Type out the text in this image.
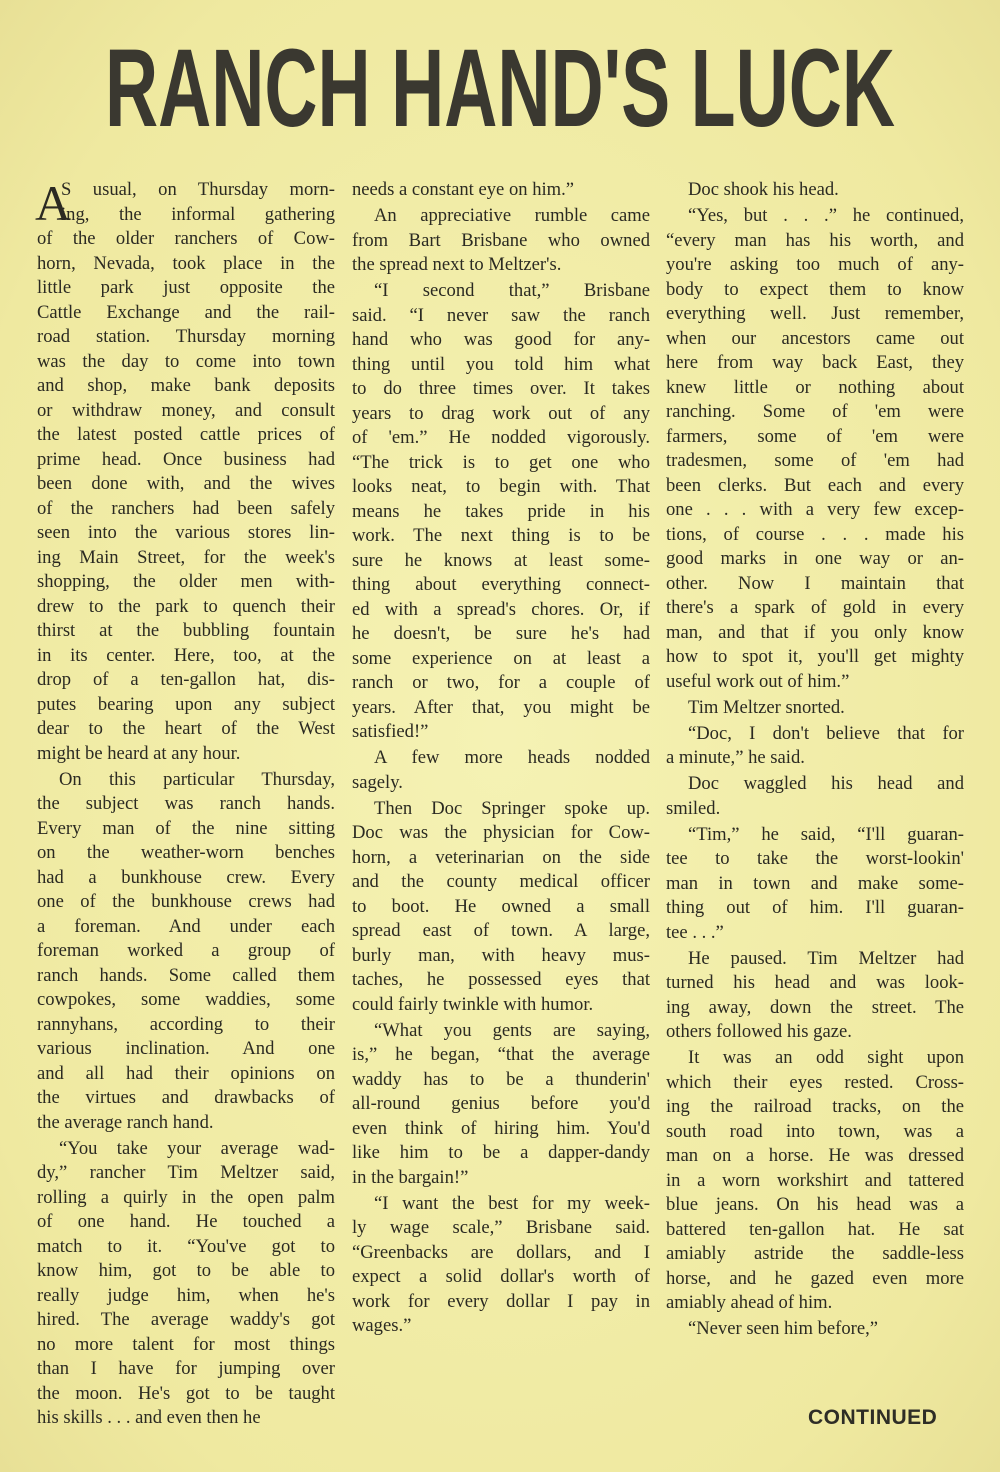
RANCH HAND'S LUCK
S usual, on Thursday morn-
ing, the informal gathering
of the older ranchers of Cow-
horn, Nevada, took place in the
little park just opposite the
Cattle Exchange and the rail-
road station. Thursday morning
was the day to come into town
and shop, make bank deposits
or withdraw money, and consult
the latest posted cattle prices of
prime head. Once business had
been done with, and the wives
of the ranchers had been safely
seen into the various stores lin-
ing Main Street, for the week's
shopping, the older men with-
drew to the park to quench their
thirst at the bubbling fountain
in its center. Here, too, at the
drop of a ten-gallon hat, dis-
putes bearing upon any subject
dear to the heart of the West
might be heard at any hour.
On this particular Thursday,
the subject was ranch hands.
Every man of the nine sitting
on the weather-worn benches
had a bunkhouse crew. Every
one of the bunkhouse crews had
a foreman. And under each
foreman worked a group of
ranch hands. Some called them
cowpokes, some waddies, some
rannyhans, according to their
various inclination. And one
and all had their opinions on
the virtues and drawbacks of
the average ranch hand.
“You take your average wad-
dy,” rancher Tim Meltzer said,
rolling a quirly in the open palm
of one hand. He touched a
match to it. “You've got to
know him, got to be able to
really judge him, when he's
hired. The average waddy's got
no more talent for most things
than I have for jumping over
the moon. He's got to be taught
his skills . . . and even then he
A	needs a constant eye on him.”
An appreciative rumble came
from Bart Brisbane who owned
the spread next to Meltzer's.
“I second that,” Brisbane
said. “I never saw the ranch
hand who was good for any-
thing until you told him what
to do three times over. It takes
years to drag work out of any
of 'em.” He nodded vigorously.
“The trick is to get one who
looks neat, to begin with. That
means he takes pride in his
work. The next thing is to be
sure he knows at least some-
thing about everything connect-
ed with a spread's chores. Or, if
he doesn't, be sure he's had
some experience on at least a
ranch or two, for a couple of
years. After that, you might be
satisfied!”
A few more heads nodded
sagely.
Then Doc Springer spoke up.
Doc was the physician for Cow-
horn, a veterinarian on the side
and the county medical officer
to boot. He owned a small
spread east of town. A large,
burly man, with heavy mus-
taches, he possessed eyes that
could fairly twinkle with humor.
“What you gents are saying,
is,” he began, “that the average
waddy has to be a thunderin'
all-round genius before you'd
even think of hiring him. You'd
like him to be a dapper-dandy
in the bargain!”
“I want the best for my week-
ly wage scale,” Brisbane said.
“Greenbacks are dollars, and I
expect a solid dollar's worth of
work for every dollar I pay in
wages.”
Doc shook his head.
“Yes, but . . .” he continued,
“every man has his worth, and
you're asking too much of any-
body to expect them to know
everything well. Just remember,
when our ancestors came out
here from way back East, they
knew little or nothing about
ranching. Some of 'em were
farmers, some of 'em were
tradesmen, some of 'em had
been clerks. But each and every
one . . . with a very few excep-
tions, of course . . . made his
good marks in one way or an-
other. Now I maintain that
there's a spark of gold in every
man, and that if you only know
how to spot it, you'll get mighty
useful work out of him.”
Tim Meltzer snorted.
“Doc, I don't believe that for
a minute,” he said.
Doc waggled his head and
smiled.
“Tim,” he said, “I'll guaran-
tee to take the worst-lookin'
man in town and make some-
thing out of him. I'll guaran-
tee . . .”
He paused. Tim Meltzer had
turned his head and was look-
ing away, down the street. The
others followed his gaze.
It was an odd sight upon
which their eyes rested. Cross-
ing the railroad tracks, on the
south road into town, was a
man on a horse. He was dressed
in a worn workshirt and tattered
blue jeans. On his head was a
battered ten-gallon hat. He sat
amiably astride the saddle-less
horse, and he gazed even more
amiably ahead of him.
“Never seen him before,”
CONTINUED
